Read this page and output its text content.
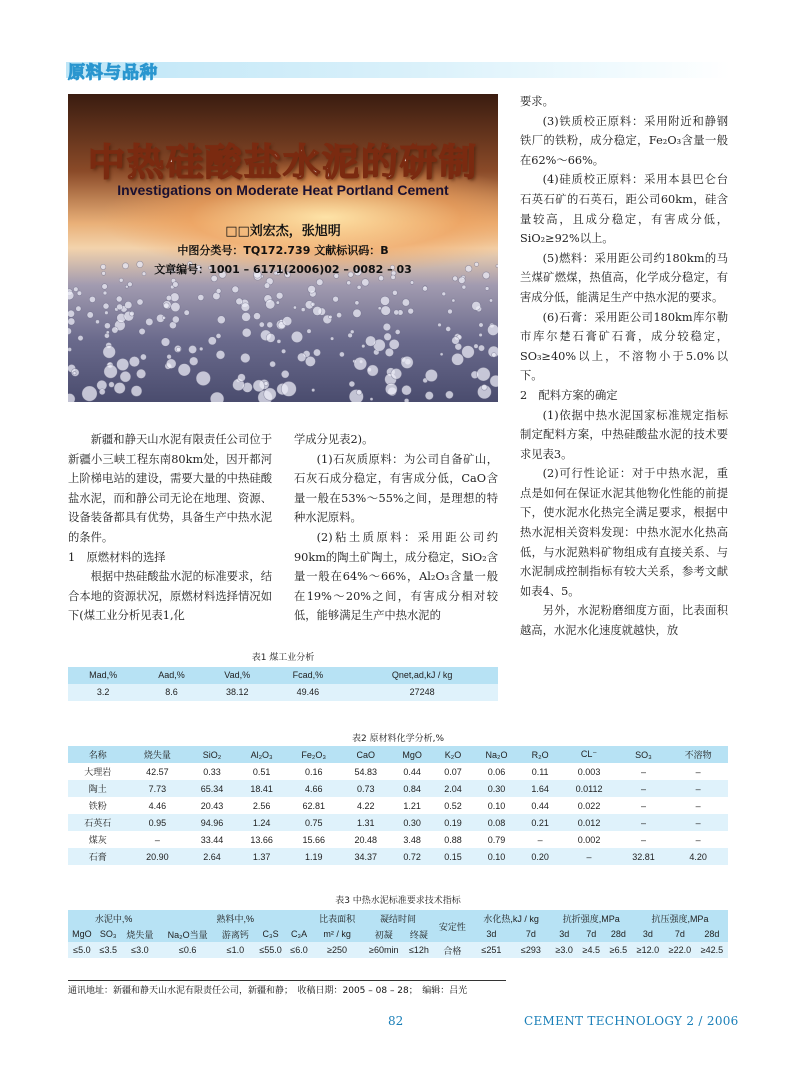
原料与品种
中热硅酸盐水泥的研制
Investigations on Moderate Heat Portland Cement
□□刘宏杰，张旭明
中图分类号：TQ172.739 文献标识码：B
文章编号：1001 – 6171(2006)02 – 0082 – 03

新疆和静天山水泥有限责任公司位于新疆小三峡工程东南80km处，因开都河上阶梯电站的建设，需要大量的中热硅酸盐水泥，而和静公司无论在地理、资源、设备装备都具有优势，具备生产中热水泥的条件。

1　原燃材料的选择

根据中热硅酸盐水泥的标准要求，结合本地的资源状况，原燃材料选择情况如下(煤工业分析见表1,化

学成分见表2)。

(1)石灰质原料：为公司自备矿山，石灰石成分稳定，有害成分低，CaO含量一般在53%～55%之间，是理想的特种水泥原料。

(2)粘土质原料：采用距公司约90km的陶土矿陶土，成分稳定，SiO₂含量一般在64%～66%，Al₂O₃含量一般在19%～20%之间，有害成分相对较低，能够满足生产中热水泥的

要求。

(3)铁质校正原料：采用附近和静钢铁厂的铁粉，成分稳定，Fe₂O₃含量一般在62%～66%。

(4)硅质校正原料：采用本县巴仑台石英石矿的石英石，距公司60km，硅含量较高，且成分稳定，有害成分低，SiO₂≥92%以上。

(5)燃料：采用距公司约180km的马兰煤矿燃煤，热值高，化学成分稳定，有害成分低，能满足生产中热水泥的要求。

(6)石膏：采用距公司180km库尔勒市库尔楚石膏矿石膏，成分较稳定，SO₃≥40%以上，不溶物小于5.0%以下。

2　配料方案的确定

(1)依据中热水泥国家标准规定指标制定配料方案，中热硅酸盐水泥的技术要求见表3。

(2)可行性论证：对于中热水泥，重点是如何在保证水泥其他物化性能的前提下，使水泥水化热完全满足要求，根据中热水泥相关资料发现：中热水泥水化热高低，与水泥熟料矿物组成有直接关系、与水泥制成控制指标有较大关系，参考文献如表4、5。

另外，水泥粉磨细度方面，比表面积越高，水泥水化速度就越快，放

表1 煤工业分析
Mad,%	Aad,%	Vad,%	Fcad,%	Qnet,ad,kJ / kg
3.2	8.6	38.12	49.46	27248
表2 原材料化学分析,%
名称	烧失量	SiO₂	Al₂O₃	Fe₂O₃	CaO	MgO	K₂O	Na₂O	R₂O	CL⁻	SO₃	不溶物
大理岩	42.57	0.33	0.51	0.16	54.83	0.44	0.07	0.06	0.11	0.003	–	–
陶土	7.73	65.34	18.41	4.66	0.73	0.84	2.04	0.30	1.64	0.0112	–	–
铁粉	4.46	20.43	2.56	62.81	4.22	1.21	0.52	0.10	0.44	0.022	–	–
石英石	0.95	94.96	1.24	0.75	1.31	0.30	0.19	0.08	0.21	0.012	–	–
煤灰	–	33.44	13.66	15.66	20.48	3.48	0.88	0.79	–	0.002	–	–
石膏	20.90	2.64	1.37	1.19	34.37	0.72	0.15	0.10	0.20	–	32.81	4.20
表3 中热水泥标准要求技术指标
水泥中,%			熟料中,%				比表面积	凝结时间		安定性	水化热,kJ / kg		抗折强度,MPa			抗压强度,MPa		
MgO	SO₃	烧失量	Na₂O当量	游离钙	C₃S	C₃A	m² / kg	初凝	终凝		3d	7d	3d	7d	28d	3d	7d	28d
≤5.0	≤3.5	≤3.0	≤0.6	≤1.0	≤55.0	≤6.0	≥250	≥60min	≤12h	合格	≤251	≤293	≥3.0	≥4.5	≥6.5	≥12.0	≥22.0	≥42.5
通讯地址：新疆和静天山水泥有限责任公司，新疆和静；　收稿日期：2005 – 08 – 28；　编辑：吕光
82	CEMENT TECHNOLOGY 2 / 2006
